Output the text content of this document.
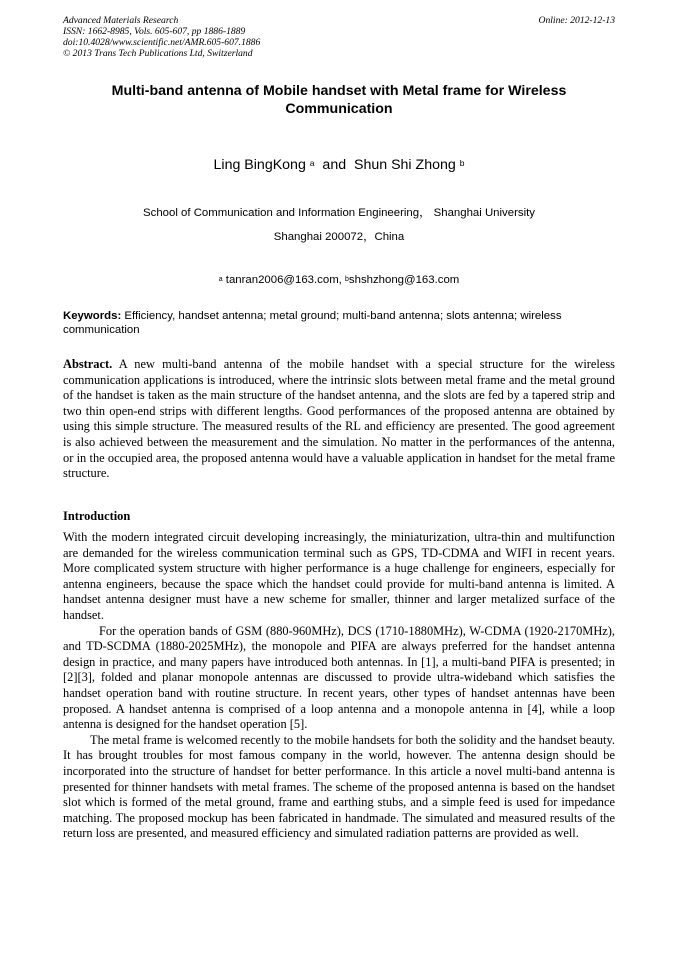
Advanced Materials Research
ISSN: 1662-8985, Vols. 605-607, pp 1886-1889
doi:10.4028/www.scientific.net/AMR.605-607.1886
© 2013 Trans Tech Publications Ltd, Switzerland
Online: 2012-12-13
Multi-band antenna of Mobile handset with Metal frame for Wireless
Communication
Ling BingKong $^a$  and  Shun Shi Zhong $^b$
School of Communication and Information Engineering， Shanghai University
Shanghai 200072，China
$^a$ tanran2006@163.com, $^b$shshzhong@163.com
Keywords: Efficiency, handset antenna; metal ground; multi-band antenna; slots antenna; wireless communication

Abstract. A new multi-band antenna of the mobile handset with a special structure for the wireless communication applications is introduced, where the intrinsic slots between metal frame and the metal ground of the handset is taken as the main structure of the handset antenna, and the slots are fed by a tapered strip and two thin open-end strips with different lengths. Good performances of the proposed antenna are obtained by using this simple structure. The measured results of the RL and efficiency are presented. The good agreement is also achieved between the measurement and the simulation. No matter in the performances of the antenna, or in the occupied area, the proposed antenna would have a valuable application in handset for the metal frame structure.

Introduction

With the modern integrated circuit developing increasingly, the miniaturization, ultra-thin and multifunction are demanded for the wireless communication terminal such as GPS, TD-CDMA and WIFI in recent years. More complicated system structure with higher performance is a huge challenge for engineers, especially for antenna engineers, because the space which the handset could provide for multi-band antenna is limited. A handset antenna designer must have a new scheme for smaller, thinner and larger metalized surface of the handset.

For the operation bands of GSM (880-960MHz), DCS (1710-1880MHz), W-CDMA (1920-2170MHz), and TD-SCDMA (1880-2025MHz), the monopole and PIFA are always preferred for the handset antenna design in practice, and many papers have introduced both antennas. In [1], a multi-band PIFA is presented; in [2][3], folded and planar monopole antennas are discussed to provide ultra-wideband which satisfies the handset operation band with routine structure. In recent years, other types of handset antennas have been proposed. A handset antenna is comprised of a loop antenna and a monopole antenna in [4], while a loop antenna is designed for the handset operation [5].

The metal frame is welcomed recently to the mobile handsets for both the solidity and the handset beauty. It has brought troubles for most famous company in the world, however. The antenna design should be incorporated into the structure of handset for better performance. In this article a novel multi-band antenna is presented for thinner handsets with metal frames. The scheme of the proposed antenna is based on the handset slot which is formed of the metal ground, frame and earthing stubs, and a simple feed is used for impedance matching. The proposed mockup has been fabricated in handmade. The simulated and measured results of the return loss are presented, and measured efficiency and simulated radiation patterns are provided as well.
